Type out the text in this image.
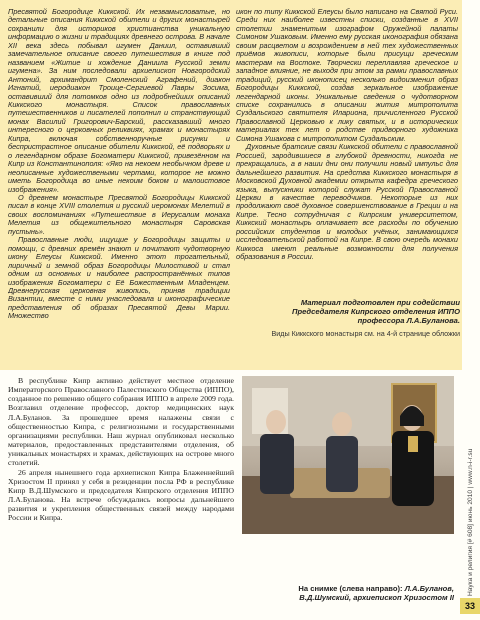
Пресвятой Богородице Киккской. Их незвамысловатые, но детальные описания Киккской обители и других монастырей сохранили для историков христианства уникальную информацию о жизни и традициях древнего острова. В начале XII века здесь побывал игумен Даниил, оставивший замечательное описание своего путешествия в книге под названием «Житие и хождение Даниила Русской земли игумена». За ним последовали архиепископ Новгородский Антоний, архимандрит Смоленский Аграфений, диакон Игнатий, иеродиакон Троице-Сергиевой Лавры Зосима, оставивший для потомков одно из подробнейших описаний Киккского монастыря. Список православных путешественников и писателей пополнил и странствующий монах Василий Григорович-Барский, рассказавший много интересного о церковных реликвиях, храмах и монастырях Кипра, включая собственноручные рисунки и беспристрастное описание обители Киккской, её подворьях и о легендарном образе Богоматери Киккской, привезённом на Кипр из Константинополя: «Яко на некоем необычном древе и неописанные художествеными чертами, которое не можно иметь Богородица во иные некоим боком и малоистовое изображения».

О древнем монастыре Пресвятой Богородицы Киккской писал в конце XVIII столетия и русский иеромонах Мелетий в своих воспоминаниях «Путешествие в Иерусалим монаха Мелетия из общежительного монастыря Саровская пустынь».

Православные люди, ищущие у Богородицы защиты и помощи, с древних времён знают и почитают чудотворную икону Елеусы Киккской. Именно этот трогательный, лиричный и земной образ Богородицы Милостивой и стал одним из основных и наиболее распространённых типов изображения Богоматери с Её Божественным Младенцем. Древнерусская церковная живопись, приняв традиции Византии, вместе с ними унаследовала и иконографические представления об образах Пресвятой Девы Марии. Множество

икон по типу Киккской Елеусы было написано на Святой Руси. Среди них наиболее известны списки, созданные в XVII столетии знаменитым изографом Оружейной палаты Симоном Ушаковым. Именно ему русская иконография обязана своим расцветом и возрождением в ней тех художественных приёмов живописи, которые были присущи греческим мастерам на Востоке. Творчески переплавляя греческое и западное влияние, не выходя при этом за рамки православных традиций, русский иконописец несколько видоизменил образ Богородицы Киккской, создав зеркальное изображение легендарной иконы. Уникальные сведения о чудотворном списке сохранились в описании жития митрополита Суздальского святителя Илариона, причисленного Русской Православной Церковью к лику святых, и в исторических материалах тех лет о родстве придворного художника Симона Ушакова с митрополитом Суздальским.

Духовные братские связи Киккской обители с православной Россией, зародившиеся в глубокой древности, никогда не прекращались, а в наши дни они получили новый импульс для дальнейшего развития. На средства Киккского монастыря в Московской Духовной академии открыта кафедра греческого языка, выпускники которой служат Русской Православной Церкви в качестве переводчиков. Некоторые из них продолжают своё духовное совершенствование в Греции и на Кипре. Тесно сотрудничая с Кипрским университетом, Киккский монастырь оплачивает все расходы по обучению российских студентов и молодых учёных, занимающихся исследовательской работой на Кипре. В свою очередь монахи Киккоса имеют реальные возможности для получения образования в России.

Материал подготовлен при содействии
Председателя Кипрского отделения ИППО
профессора Л.А.Буланова.
Виды Киккского монастыря см. на 4-й странице обложки

В республике Кипр активно действует местное отделение Императорского Православного Палестинского Общества (ИППО), созданное по решению общего собрания ИППО в апреле 2009 года. Возглавил отделение профессор, доктор медицинских наук Л.А.Буланов. За прошедшее время налажены связи с общественностью Кипра, с религиозными и государственными организациями республики. Наш журнал опубликовал несколько материалов, предоставленных представителями отделения, об уникальных монастырях и храмах, действующих на острове много столетий.

26 апреля нынешнего года архиепископ Кипра Блаженнейший Хризостом II принял у себя в резиденции посла РФ в республике Кипр В.Д.Шумского и председателя Кипрского отделения ИППО Л.А.Буланова. На встрече обсуждались вопросы дальнейшего развития и укрепления общественных связей между народами России и Кипра.

На снимке (слева направо): Л.А.Буланов,
В.Д.Шумский, архиепископ Хризостом II
Наука и религия [# 608] июнь 2010 | www.n-i-r.su
33
